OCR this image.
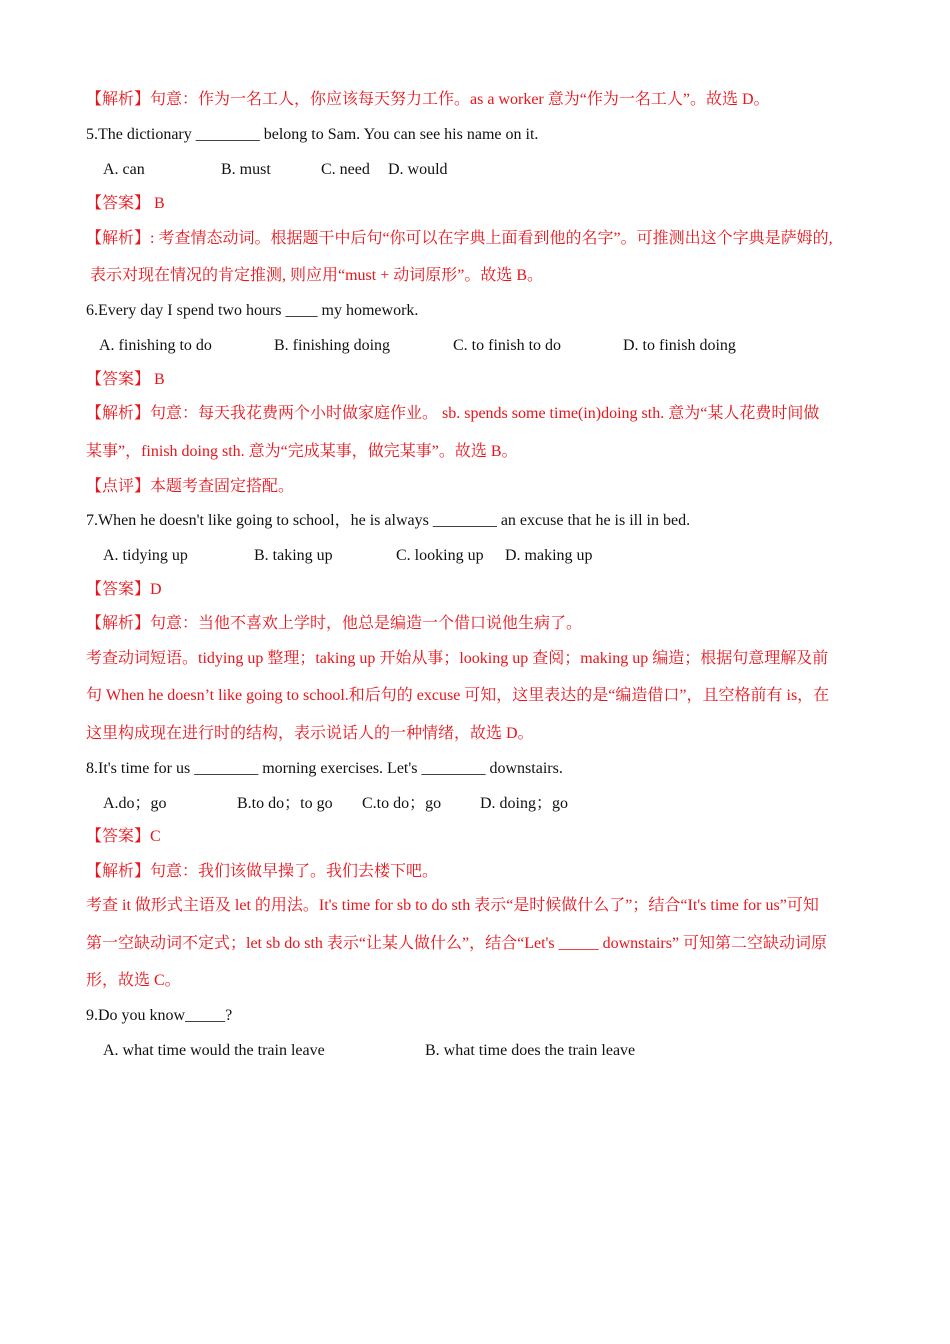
【解析】句意：作为一名工人，你应该每天努力工作。as a worker 意为“作为一名工人”。故选 D。
5.The dictionary ________ belong to Sam. You can see his name on it.
A. can	B. must	C. need D. would
【答案】 B
【解析】: 考查情态动词。根据题干中后句“你可以在字典上面看到他的名字”。可推测出这个字典是萨姆的,
表示对现在情况的肯定推测, 则应用“must + 动词原形”。故选 B。
6.Every day I spend two hours ____ my homework.
A. finishing to do	B. finishing doing	C. to finish to do	D. to finish doing
【答案】 B
【解析】句意：每天我花费两个小时做家庭作业。 sb. spends some time(in)doing sth. 意为“某人花费时间做
某事”，finish doing sth. 意为“完成某事，做完某事”。故选 B。
【点评】本题考查固定搭配。
7.When he doesn't like going to school，he is always ________ an excuse that he is ill in bed.
A. tidying up	B. taking up	C. looking up D. making up
【答案】D
【解析】句意：当他不喜欢上学时，他总是编造一个借口说他生病了。
考查动词短语。tidying up 整理；taking up 开始从事；looking up 查阅；making up 编造；根据句意理解及前
句 When he doesn’t like going to school.和后句的 excuse 可知，这里表达的是“编造借口”，且空格前有 is，在
这里构成现在进行时的结构，表示说话人的一种情绪，故选 D。
8.It's time for us ________ morning exercises. Let's ________ downstairs.
A.do；go	B.to do；to go C.to do；go D. doing；go
【答案】C
【解析】句意：我们该做早操了。我们去楼下吧。
考查 it 做形式主语及 let 的用法。It's time for sb to do sth 表示“是时候做什么了”；结合“It's time for us”可知
第一空缺动词不定式；let sb do sth 表示“让某人做什么”，结合“Let's _____ downstairs” 可知第二空缺动词原
形，故选 C。
9.Do you know_____?
A. what time would the train leave	B. what time does the train leave
